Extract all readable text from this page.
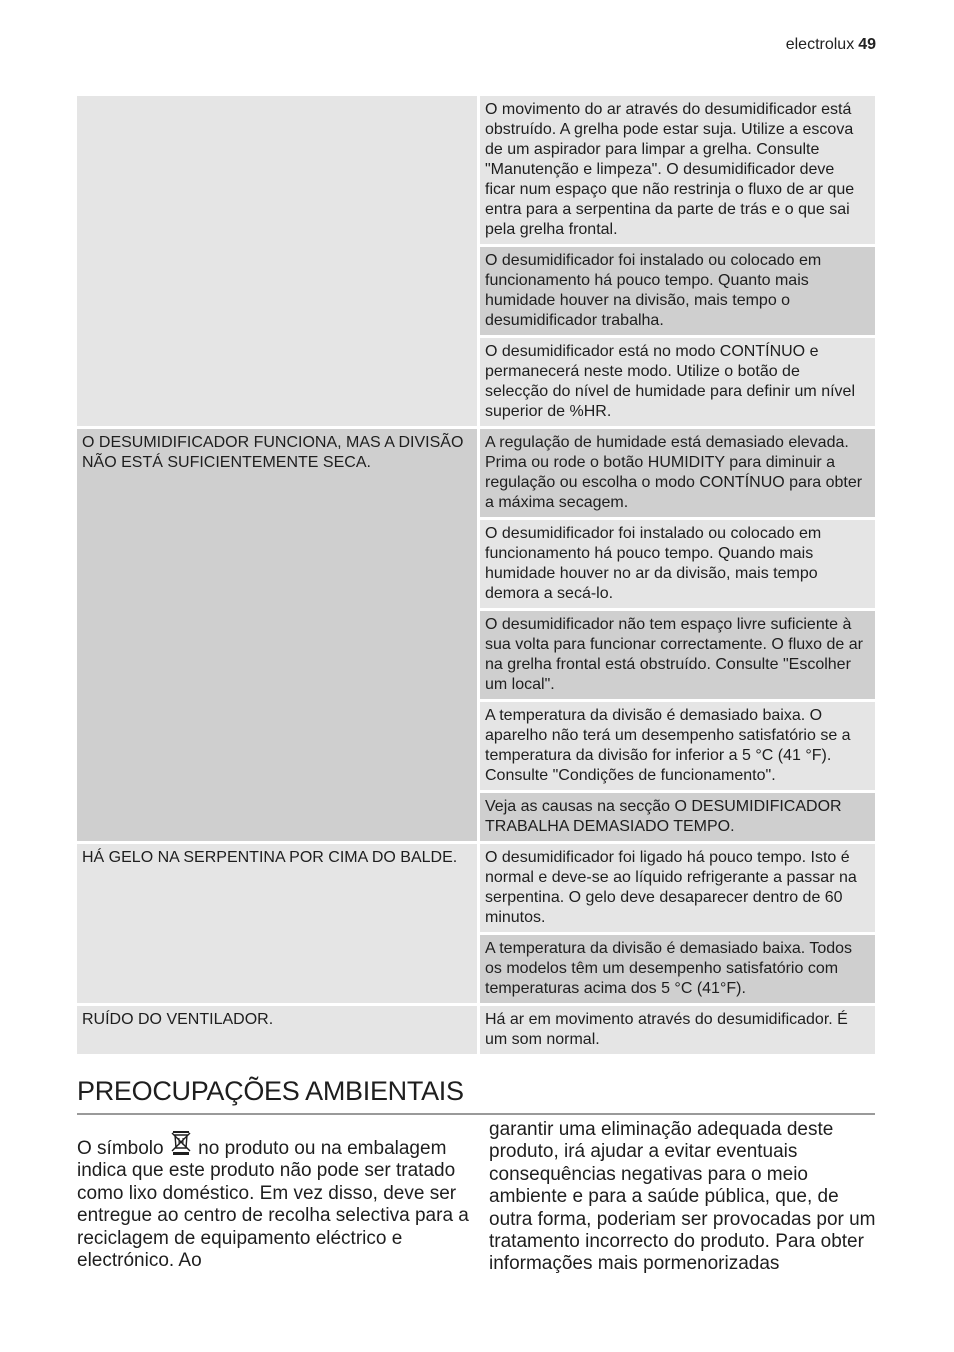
electrolux 49
	O movimento do ar através do desumidificador está obstruído. A grelha pode estar suja. Utilize a escova de um aspirador para limpar a grelha. Consulte "Manutenção e limpeza". O desumidificador deve ficar num espaço que não restrinja o fluxo de ar que entra para a serpentina da parte de trás e o que sai pela grelha frontal.
	O desumidificador foi instalado ou colocado em funcionamento há pouco tempo. Quanto mais humidade houver na divisão, mais tempo o desumidificador trabalha.
	O desumidificador está no modo CONTÍNUO e permanecerá neste modo. Utilize o botão de selecção do nível de humidade para definir um nível superior de %HR.
O DESUMIDIFICADOR FUNCIONA, MAS A DIVISÃO NÃO ESTÁ SUFICIENTEMENTE SECA.	A regulação de humidade está demasiado elevada. Prima ou rode o botão HUMIDITY para diminuir a regulação ou escolha o modo CONTÍNUO para obter a máxima secagem.
	O desumidificador foi instalado ou colocado em funcionamento há pouco tempo. Quando mais humidade houver no ar da divisão, mais tempo demora a secá-lo.
	O desumidificador não tem espaço livre suficiente à sua volta para funcionar correctamente. O fluxo de ar na grelha frontal está obstruído. Consulte "Escolher um local".
	A temperatura da divisão é demasiado baixa. O aparelho não terá um desempenho satisfatório se a temperatura da divisão for inferior a 5 °C (41 °F). Consulte "Condições de funcionamento".
	Veja as causas na secção O DESUMIDIFICADOR TRABALHA DEMASIADO TEMPO.
HÁ GELO NA SERPENTINA POR CIMA DO BALDE.	O desumidificador foi ligado há pouco tempo. Isto é normal e deve-se ao líquido refrigerante a passar na serpentina. O gelo deve desaparecer dentro de 60 minutos.
	A temperatura da divisão é demasiado baixa. Todos os modelos têm um desempenho satisfatório com temperaturas acima dos 5 °C (41°F).
RUÍDO DO VENTILADOR.	Há ar em movimento através do desumidificador. É um som normal.
PREOCUPAÇÕES AMBIENTAIS
O símbolo no produto ou na embalagem indica que este produto não pode ser tratado como lixo doméstico. Em vez disso, deve ser entregue ao centro de recolha selectiva para a reciclagem de equipamento eléctrico e electrónico. Ao
garantir uma eliminação adequada deste produto, irá ajudar a evitar eventuais consequências negativas para o meio ambiente e para a saúde pública, que, de outra forma, poderiam ser provocadas por um tratamento incorrecto do produto. Para obter informações mais pormenorizadas
